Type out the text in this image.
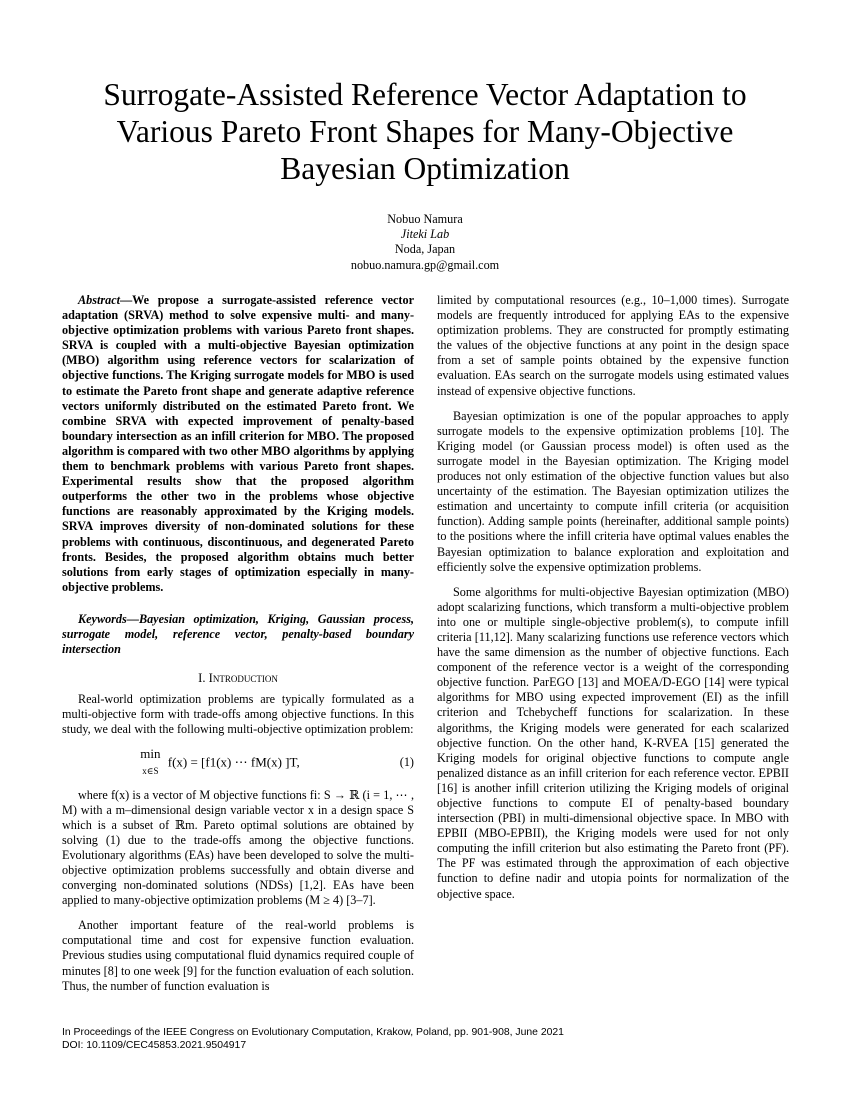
Surrogate-Assisted Reference Vector Adaptation to Various Pareto Front Shapes for Many-Objective Bayesian Optimization
Nobuo Namura
Jiteki Lab
Noda, Japan
nobuo.namura.gp@gmail.com

Abstract—We propose a surrogate-assisted reference vector adaptation (SRVA) method to solve expensive multi- and many-objective optimization problems with various Pareto front shapes. SRVA is coupled with a multi-objective Bayesian optimization (MBO) algorithm using reference vectors for scalarization of objective functions. The Kriging surrogate models for MBO is used to estimate the Pareto front shape and generate adaptive reference vectors uniformly distributed on the estimated Pareto front. We combine SRVA with expected improvement of penalty-based boundary intersection as an infill criterion for MBO. The proposed algorithm is compared with two other MBO algorithms by applying them to benchmark problems with various Pareto front shapes. Experimental results show that the proposed algorithm outperforms the other two in the problems whose objective functions are reasonably approximated by the Kriging models. SRVA improves diversity of non-dominated solutions for these problems with continuous, discontinuous, and degenerated Pareto fronts. Besides, the proposed algorithm obtains much better solutions from early stages of optimization especially in many-objective problems.

Keywords—Bayesian optimization, Kriging, Gaussian process, surrogate model, reference vector, penalty-based boundary intersection

I. Introduction

Real-world optimization problems are typically formulated as a multi-objective form with trade-offs among objective functions. In this study, we deal with the following multi-objective optimization problem:

min
x∈S f(x) = [f1(x) ⋯ fM(x) ]T,	(1)

where f(x) is a vector of M objective functions fi: S → ℝ (i = 1, ⋯ , M) with a m–dimensional design variable vector x in a design space S which is a subset of ℝm. Pareto optimal solutions are obtained by solving (1) due to the trade-offs among the objective functions. Evolutionary algorithms (EAs) have been developed to solve the multi-objective optimization problems successfully and obtain diverse and converging non-dominated solutions (NDSs) [1,2]. EAs have been applied to many-objective optimization problems (M ≥ 4) [3–7].

Another important feature of the real-world problems is computational time and cost for expensive function evaluation. Previous studies using computational fluid dynamics required couple of minutes [8] to one week [9] for the function evaluation of each solution. Thus, the number of function evaluation is

limited by computational resources (e.g., 10–1,000 times). Surrogate models are frequently introduced for applying EAs to the expensive optimization problems. They are constructed for promptly estimating the values of the objective functions at any point in the design space from a set of sample points obtained by the expensive function evaluation. EAs search on the surrogate models using estimated values instead of expensive objective functions.

Bayesian optimization is one of the popular approaches to apply surrogate models to the expensive optimization problems [10]. The Kriging model (or Gaussian process model) is often used as the surrogate model in the Bayesian optimization. The Kriging model produces not only estimation of the objective function values but also uncertainty of the estimation. The Bayesian optimization utilizes the estimation and uncertainty to compute infill criteria (or acquisition function). Adding sample points (hereinafter, additional sample points) to the positions where the infill criteria have optimal values enables the Bayesian optimization to balance exploration and exploitation and efficiently solve the expensive optimization problems.

Some algorithms for multi-objective Bayesian optimization (MBO) adopt scalarizing functions, which transform a multi-objective problem into one or multiple single-objective problem(s), to compute infill criteria [11,12]. Many scalarizing functions use reference vectors which have the same dimension as the number of objective functions. Each component of the reference vector is a weight of the corresponding objective function. ParEGO [13] and MOEA/D-EGO [14] were typical algorithms for MBO using expected improvement (EI) as the infill criterion and Tchebycheff functions for scalarization. In these algorithms, the Kriging models were generated for each scalarized objective function. On the other hand, K-RVEA [15] generated the Kriging models for original objective functions to compute angle penalized distance as an infill criterion for each reference vector. EPBII [16] is another infill criterion utilizing the Kriging models of original objective functions to compute EI of penalty-based boundary intersection (PBI) in multi-dimensional objective space. In MBO with EPBII (MBO-EPBII), the Kriging models were used for not only computing the infill criterion but also estimating the Pareto front (PF). The PF was estimated through the approximation of each objective function to define nadir and utopia points for normalization of the objective space.

In Proceedings of the IEEE Congress on Evolutionary Computation, Krakow, Poland, pp. 901-908, June 2021
DOI: 10.1109/CEC45853.2021.9504917
